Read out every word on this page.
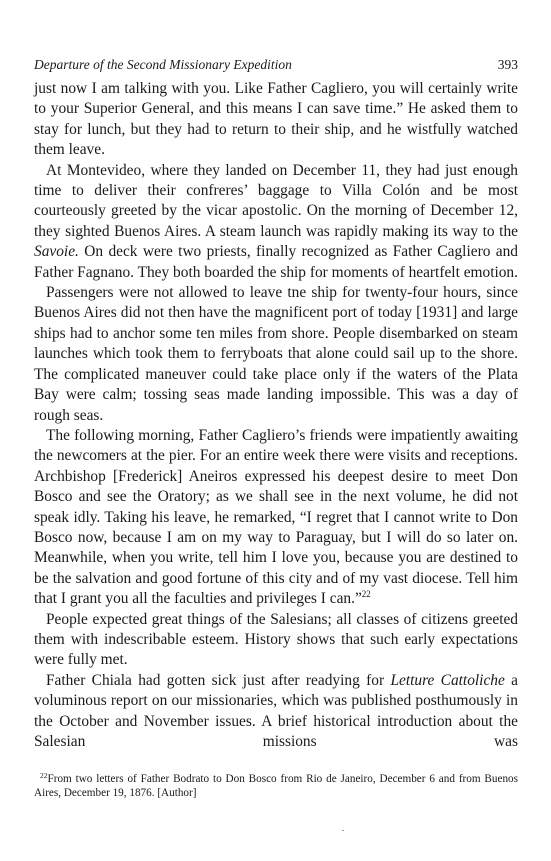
Departure of the Second Missionary Expedition	393

just now I am talking with you. Like Father Cagliero, you will certainly write to your Superior General, and this means I can save time.” He asked them to stay for lunch, but they had to return to their ship, and he wistfully watched them leave.

At Montevideo, where they landed on December 11, they had just enough time to deliver their confreres’ baggage to Villa Colón and be most courteously greeted by the vicar apostolic. On the morning of December 12, they sighted Buenos Aires. A steam launch was rapidly making its way to the Savoie. On deck were two priests, finally recognized as Father Cagliero and Father Fagnano. They both boarded the ship for moments of heartfelt emotion.

Passengers were not allowed to leave tne ship for twenty-four hours, since Buenos Aires did not then have the magnificent port of today [1931] and large ships had to anchor some ten miles from shore. People disembarked on steam launches which took them to ferryboats that alone could sail up to the shore. The complicated maneuver could take place only if the waters of the Plata Bay were calm; tossing seas made landing impossible. This was a day of rough seas.

The following morning, Father Cagliero’s friends were impatiently awaiting the newcomers at the pier. For an entire week there were visits and receptions. Archbishop [Frederick] Aneiros expressed his deepest desire to meet Don Bosco and see the Oratory; as we shall see in the next volume, he did not speak idly. Taking his leave, he remarked, “I regret that I cannot write to Don Bosco now, because I am on my way to Paraguay, but I will do so later on. Meanwhile, when you write, tell him I love you, because you are destined to be the salvation and good fortune of this city and of my vast diocese. Tell him that I grant you all the faculties and privileges I can.”$^{22}$

People expected great things of the Salesians; all classes of citizens greeted them with indescribable esteem. History shows that such early expectations were fully met.

Father Chiala had gotten sick just after readying for Letture Cattoliche a voluminous report on our missionaries, which was published posthumously in the October and November issues. A brief historical introduction about the Salesian missions was

$^{22}$From two letters of Father Bodrato to Don Bosco from Rio de Janeiro, December 6 and from Buenos Aires, December 19, 1876. [Author]
